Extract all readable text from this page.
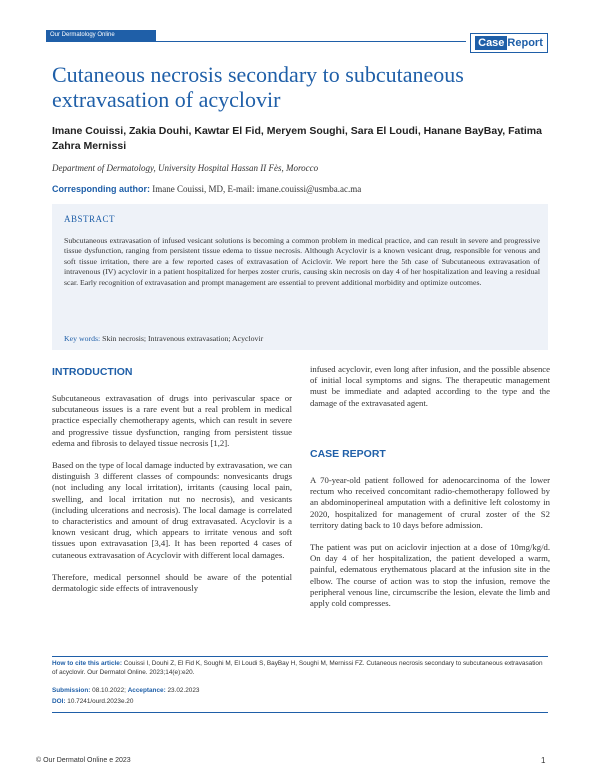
Our Dermatology Online
Case Report
Cutaneous necrosis secondary to subcutaneous extravasation of acyclovir
Imane Couissi, Zakia Douhi, Kawtar El Fid, Meryem Soughi, Sara El Loudi, Hanane BayBay, Fatima Zahra Mernissi
Department of Dermatology, University Hospital Hassan II Fès, Morocco
Corresponding author: Imane Couissi, MD, E-mail: imane.couissi@usmba.ac.ma
ABSTRACT
Subcutaneous extravasation of infused vesicant solutions is becoming a common problem in medical practice, and can result in severe and progressive tissue dysfunction, ranging from persistent tissue edema to tissue necrosis. Although Acyclovir is a known vesicant drug, responsible for venous and soft tissue irritation, there are a few reported cases of extravasation of Aciclovir. We report here the 5th case of Subcutaneous extravasation of intravenous (IV) acyclovir in a patient hospitalized for herpes zoster cruris, causing skin necrosis on day 4 of her hospitalization and leaving a residual scar. Early recognition of extravasation and prompt management are essential to prevent additional morbidity and optimize outcomes.
Key words: Skin necrosis; Intravenous extravasation; Acyclovir
INTRODUCTION

Subcutaneous extravasation of drugs into perivascular space or subcutaneous issues is a rare event but a real problem in medical practice especially chemotherapy agents, which can result in severe and progressive tissue dysfunction, ranging from persistent tissue edema and fibrosis to delayed tissue necrosis [1,2].

Based on the type of local damage inducted by extravasation, we can distinguish 3 different classes of compounds: nonvesicants drugs (not including any local irritation), irritants (causing local pain, swelling, and local irritation nut no necrosis), and vesicants (including ulcerations and necrosis). The local damage is correlated to characteristics and amount of drug extravasated. Acyclovir is a known vesicant drug, which appears to irritate venous and soft tissues upon extravasation [3,4]. It has been reported 4 cases of cutaneous extravasation of Acyclovir with different local damages.

Therefore, medical personnel should be aware of the potential dermatologic side effects of intravenously

infused acyclovir, even long after infusion, and the possible absence of initial local symptoms and signs. The therapeutic management must be immediate and adapted according to the type and the damage of the extravasated agent.

CASE REPORT

A 70-year-old patient followed for adenocarcinoma of the lower rectum who received concomitant radio-chemotherapy followed by an abdominoperineal amputation with a definitive left colostomy in 2020, hospitalized for management of crural zoster of the S2 territory dating back to 10 days before admission.

The patient was put on aciclovir injection at a dose of 10mg/kg/d. On day 4 of her hospitalization, the patient developed a warm, painful, edematous erythematous placard at the infusion site in the elbow. The course of action was to stop the infusion, remove the peripheral venous line, circumscribe the lesion, elevate the limb and apply cold compresses.

How to cite this article: Couissi I, Douhi Z, El Fid K, Soughi M, El Loudi S, BayBay H, Soughi M, Mernissi FZ. Cutaneous necrosis secondary to subcutaneous extravasation of acyclovir. Our Dermatol Online. 2023;14(e):e20.
Submission: 08.10.2022; Acceptance: 23.02.2023
DOI: 10.7241/ourd.2023e.20
© Our Dermatol Online e 2023	1
